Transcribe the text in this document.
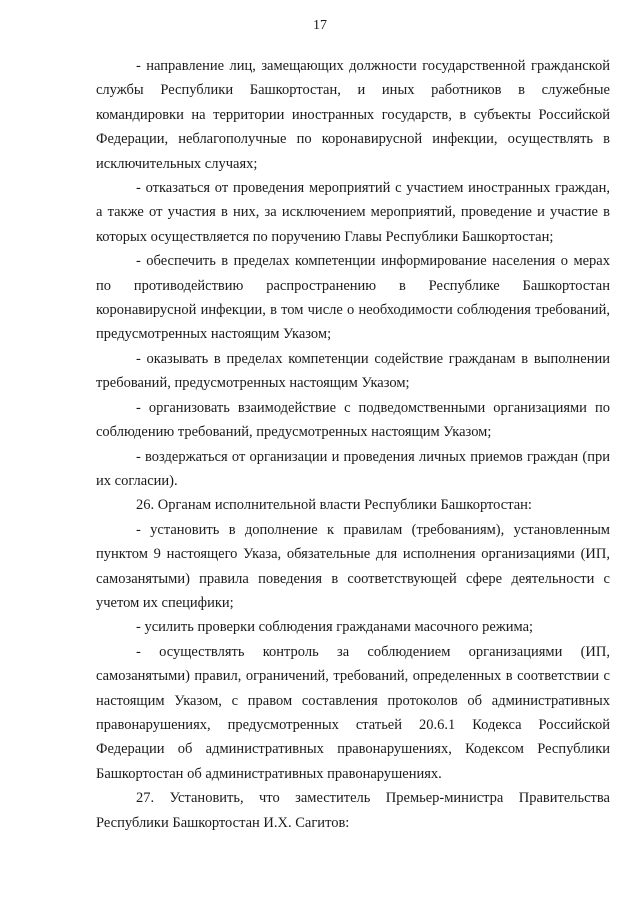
17

- направление лиц, замещающих должности государственной гражданской службы Республики Башкортостан, и иных работников в служебные командировки на территории иностранных государств, в субъекты Российской Федерации, неблагополучные по коронавирусной инфекции, осуществлять в исключительных случаях;

- отказаться от проведения мероприятий с участием иностранных граждан, а также от участия в них, за исключением мероприятий, проведение и участие в которых осуществляется по поручению Главы Республики Башкортостан;

- обеспечить в пределах компетенции информирование населения о мерах по противодействию распространению в Республике Башкортостан коронавирусной инфекции, в том числе о необходимости соблюдения требований, предусмотренных настоящим Указом;

- оказывать в пределах компетенции содействие гражданам в выполнении требований, предусмотренных настоящим Указом;

- организовать взаимодействие с подведомственными организациями по соблюдению требований, предусмотренных настоящим Указом;

- воздержаться от организации и проведения личных приемов граждан (при их согласии).

26. Органам исполнительной власти Республики Башкортостан:

- установить в дополнение к правилам (требованиям), установленным пунктом 9 настоящего Указа, обязательные для исполнения организациями (ИП, самозанятыми) правила поведения в соответствующей сфере деятельности с учетом их специфики;

- усилить проверки соблюдения гражданами масочного режима;

- осуществлять контроль за соблюдением организациями (ИП, самозанятыми) правил, ограничений, требований, определенных в соответствии с настоящим Указом, с правом составления протоколов об административных правонарушениях, предусмотренных статьей 20.6.1 Кодекса Российской Федерации об административных правонарушениях, Кодексом Республики Башкортостан об административных правонарушениях.

27. Установить, что заместитель Премьер-министра Правительства Республики Башкортостан И.Х. Сагитов:
